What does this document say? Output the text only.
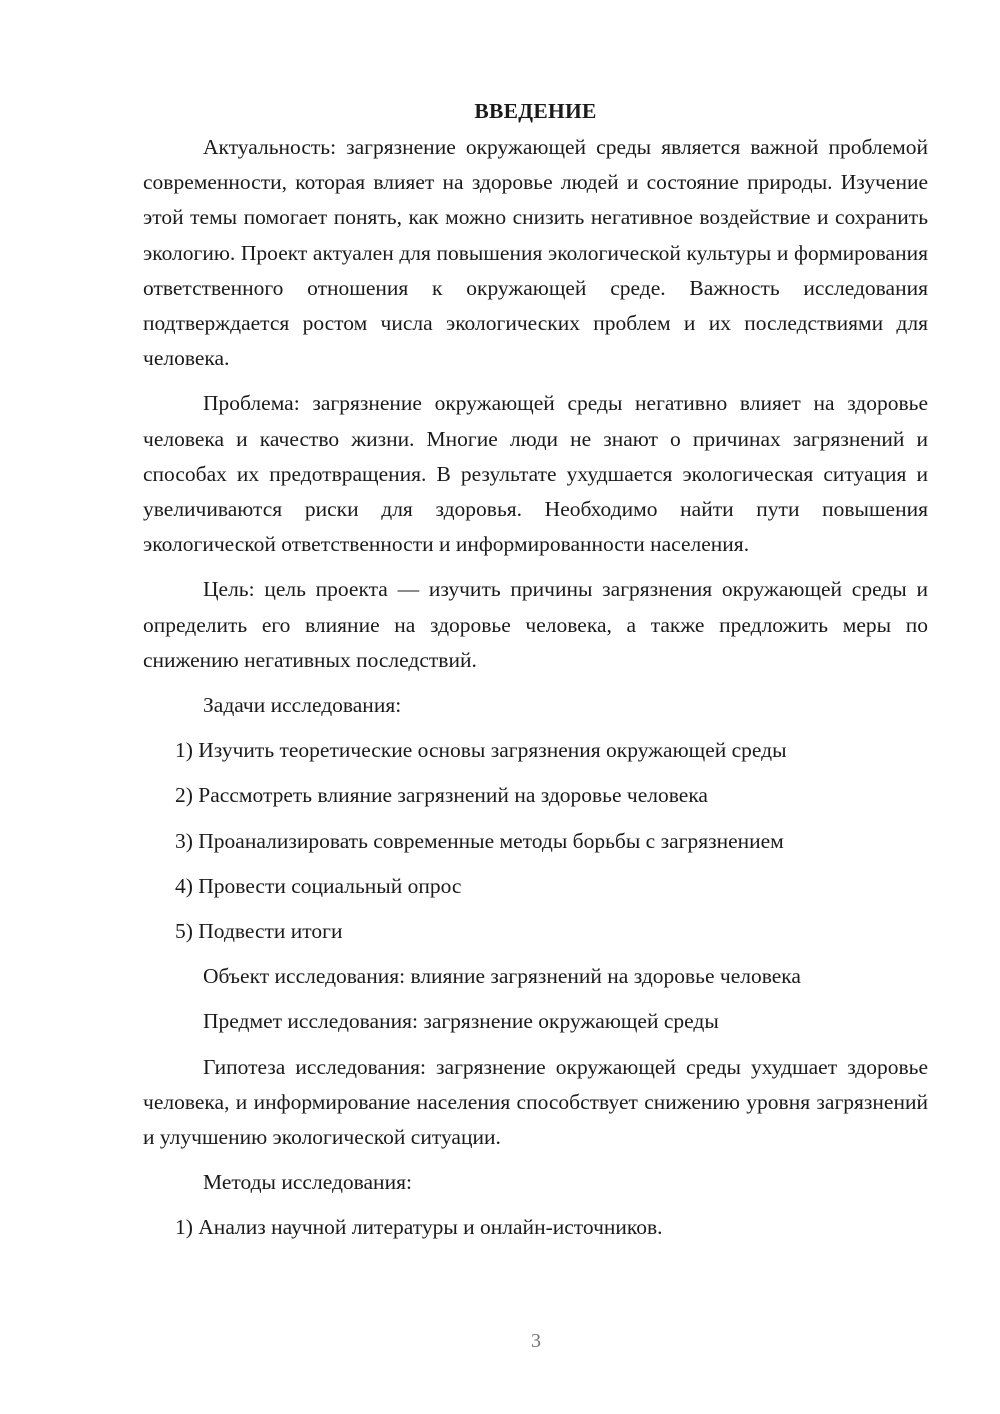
ВВЕДЕНИЕ

Актуальность: загрязнение окружающей среды является важной проблемой современности, которая влияет на здоровье людей и состояние природы. Изучение этой темы помогает понять, как можно снизить негативное воздействие и сохранить экологию. Проект актуален для повышения экологической культуры и формирования ответственного отношения к окружающей среде. Важность исследования подтверждается ростом числа экологических проблем и их последствиями для человека.

Проблема: загрязнение окружающей среды негативно влияет на здоровье человека и качество жизни. Многие люди не знают о причинах загрязнений и способах их предотвращения. В результате ухудшается экологическая ситуация и увеличиваются риски для здоровья. Необходимо найти пути повышения экологической ответственности и информированности населения.

Цель: цель проекта — изучить причины загрязнения окружающей среды и определить его влияние на здоровье человека, а также предложить меры по снижению негативных последствий.

Задачи исследования:

1) Изучить теоретические основы загрязнения окружающей среды

2) Рассмотреть влияние загрязнений на здоровье человека

3) Проанализировать современные методы борьбы с загрязнением

4) Провести социальный опрос

5) Подвести итоги

Объект исследования: влияние загрязнений на здоровье человека

Предмет исследования: загрязнение окружающей среды

Гипотеза исследования: загрязнение окружающей среды ухудшает здоровье человека, и информирование населения способствует снижению уровня загрязнений и улучшению экологической ситуации.

Методы исследования:

1) Анализ научной литературы и онлайн-источников.

3
